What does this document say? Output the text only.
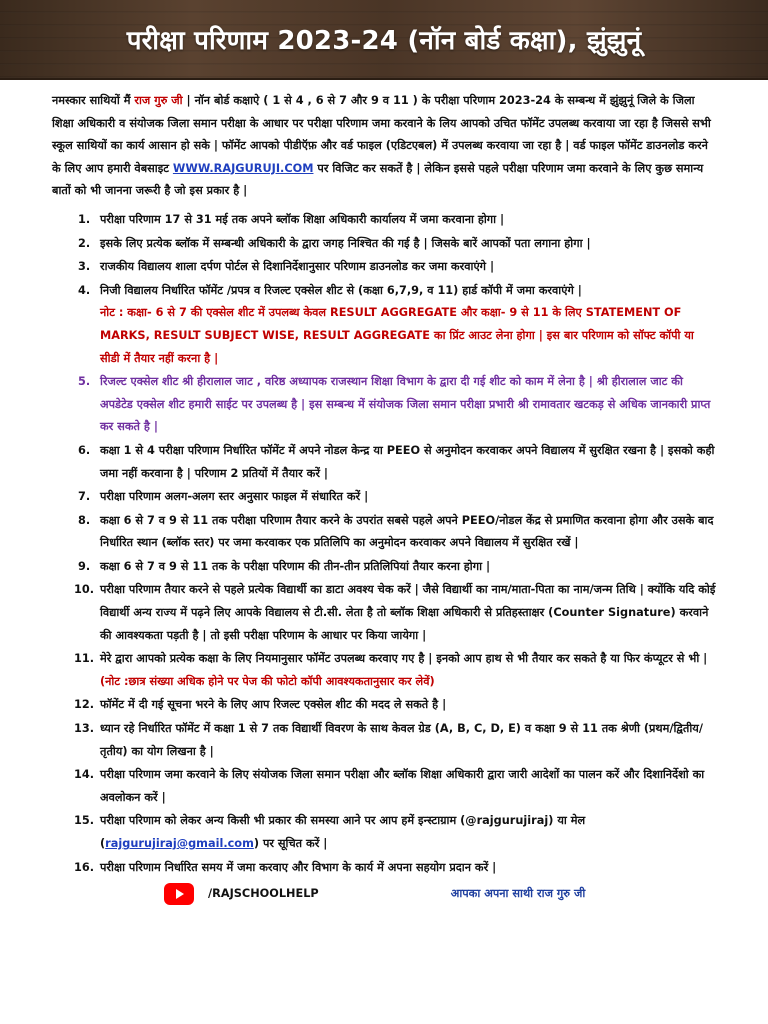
परीक्षा परिणाम 2023-24 (नॉन बोर्ड कक्षा), झुंझुनूं

नमस्कार साथियों मैं राज गुरु जी | नॉन बोर्ड कक्षाऐ ( 1 से 4 , 6 से 7 और 9 व 11 ) के परीक्षा परिणाम 2023-24 के सम्बन्ध में झुंझुनूं जिले के जिला शिक्षा अधिकारी व संयोजक जिला समान परीक्षा के आधार पर परीक्षा परिणाम जमा करवाने के लिय आपको उचित फॉमेंट उपलब्ध करवाया जा रहा है जिससे सभी स्कूल साथियों का कार्य आसान हो सके | फॉमेंट आपको पीडीऍफ़ और वर्ड फाइल (एडिटएबल) में उपलब्ध करवाया जा रहा है | वर्ड फाइल फॉमेंट डाउनलोड करने के लिए आप हमारी वेबसाइट WWW.RAJGURUJI.COM पर विजिट कर सकतें है | लेकिन इससे पहले परीक्षा परिणाम जमा करवाने के लिए कुछ समान्य बातों को भी जानना जरूरी है जो इस प्रकार है |

1. परीक्षा परिणाम 17 से 31 मई तक अपने ब्लॉक शिक्षा अधिकारी कार्यालय में जमा करवाना होगा |
2. इसके लिए प्रत्येक ब्लॉक में सम्बन्धी अधिकारी के द्वारा जगह निश्चित की गई है | जिसके बारें आपकों पता लगाना होगा |
3. राजकीय विद्यालय शाला दर्पण पोर्टल से दिशानिर्देशानुसार परिणाम डाउनलोड कर जमा करवाएंगे |
4. निजी विद्यालय निर्धारित फॉमेंट /प्रपत्र व रिजल्ट एक्सेल शीट से (कक्षा 6,7,9, व 11) हार्ड कॉपी में जमा करवाएंगे |
नोट : कक्षा- 6 से 7 की एक्सेल शीट में उपलब्ध केवल RESULT AGGREGATE और कक्षा- 9 से 11 के लिए STATEMENT OF MARKS, RESULT SUBJECT WISE, RESULT AGGREGATE का प्रिंट आउट लेना होगा | इस बार परिणाम को सॉफ्ट कॉपी या सीडी में तैयार नहीं करना है |
5. रिजल्ट एक्सेल शीट श्री हीरालाल जाट , वरिष्ठ अध्यापक राजस्थान शिक्षा विभाग के द्वारा दी गई शीट को काम में लेना है | श्री हीरालाल जाट की अपडेटेड एक्सेल शीट हमारी साईट पर उपलब्ध है | इस सम्बन्ध में संयोजक जिला समान परीक्षा प्रभारी श्री रामावतार खटकड़ से अधिक जानकारी प्राप्त कर सकते है |
6. कक्षा 1 से 4 परीक्षा परिणाम निर्धारित फॉमेंट में अपने नोडल केन्द्र या PEEO से अनुमोदन करवाकर अपने विद्यालय में सुरक्षित रखना है | इसको कही जमा नहीं करवाना है | परिणाम 2 प्रतियों में तैयार करें |
7. परीक्षा परिणाम अलग-अलग स्तर अनुसार फाइल में संधारित करें |
8. कक्षा 6 से 7 व 9 से 11 तक परीक्षा परिणाम तैयार करने के उपरांत सबसे पहले अपने PEEO/नोडल केंद्र से प्रमाणित करवाना होगा और उसके बाद निर्धारित स्थान (ब्लॉक स्तर) पर जमा करवाकर एक प्रतिलिपि का अनुमोदन करवाकर अपने विद्यालय में सुरक्षित रखें |
9. कक्षा 6 से 7 व 9 से 11 तक के परीक्षा परिणाम की तीन-तीन प्रतिलिपियां तैयार करना होगा |
10. परीक्षा परिणाम तैयार करने से पहले प्रत्येक विद्यार्थी का डाटा अवश्य चेक करें | जैसे विद्यार्थी का नाम/माता-पिता का नाम/जन्म तिथि | क्योंकि यदि कोई विद्यार्थी अन्य राज्य में पढ़ने लिए आपके विद्यालय से टी.सी. लेता है तो ब्लॉक शिक्षा अधिकारी से प्रतिहस्ताक्षर (Counter Signature) करवाने की आवश्यकता पड़ती है | तो इसी परीक्षा परिणाम के आधार पर किया जायेगा |
11. मेरे द्वारा आपको प्रत्येक कक्षा के लिए नियमानुसार फॉमेंट उपलब्ध करवाए गए है | इनको आप हाथ से भी तैयार कर सकते है या फिर कंप्यूटर से भी | (नोट :छात्र संख्या अधिक होने पर पेज की फोटो कॉपी आवश्यकतानुसार कर लेवें)
12. फॉमेंट में दी गई सूचना भरने के लिए आप रिजल्ट एक्सेल शीट की मदद ले सकते है |
13. ध्यान रहे निर्धारित फॉमेंट में कक्षा 1 से 7 तक विद्यार्थी विवरण के साथ केवल ग्रेड (A, B, C, D, E) व कक्षा 9 से 11 तक श्रेणी (प्रथम/द्वितीय/तृतीय) का योग लिखना है |
14. परीक्षा परिणाम जमा करवाने के लिए संयोजक जिला समान परीक्षा और ब्लॉक शिक्षा अधिकारी द्वारा जारी आदेशों का पालन करें और दिशानिर्देशो का अवलोकन करें |
15. परीक्षा परिणाम को लेकर अन्य किसी भी प्रकार की समस्या आने पर आप हमें इन्स्टाग्राम (@rajgurujiraj) या मेल (rajgurujiraj@gmail.com) पर सूचित करें |
16. परीक्षा परिणाम निर्धारित समय में जमा करवाए और विभाग के कार्य में अपना सहयोग प्रदान करें |
/RAJSCHOOLHELP	आपका अपना साथी राज गुरु जी
